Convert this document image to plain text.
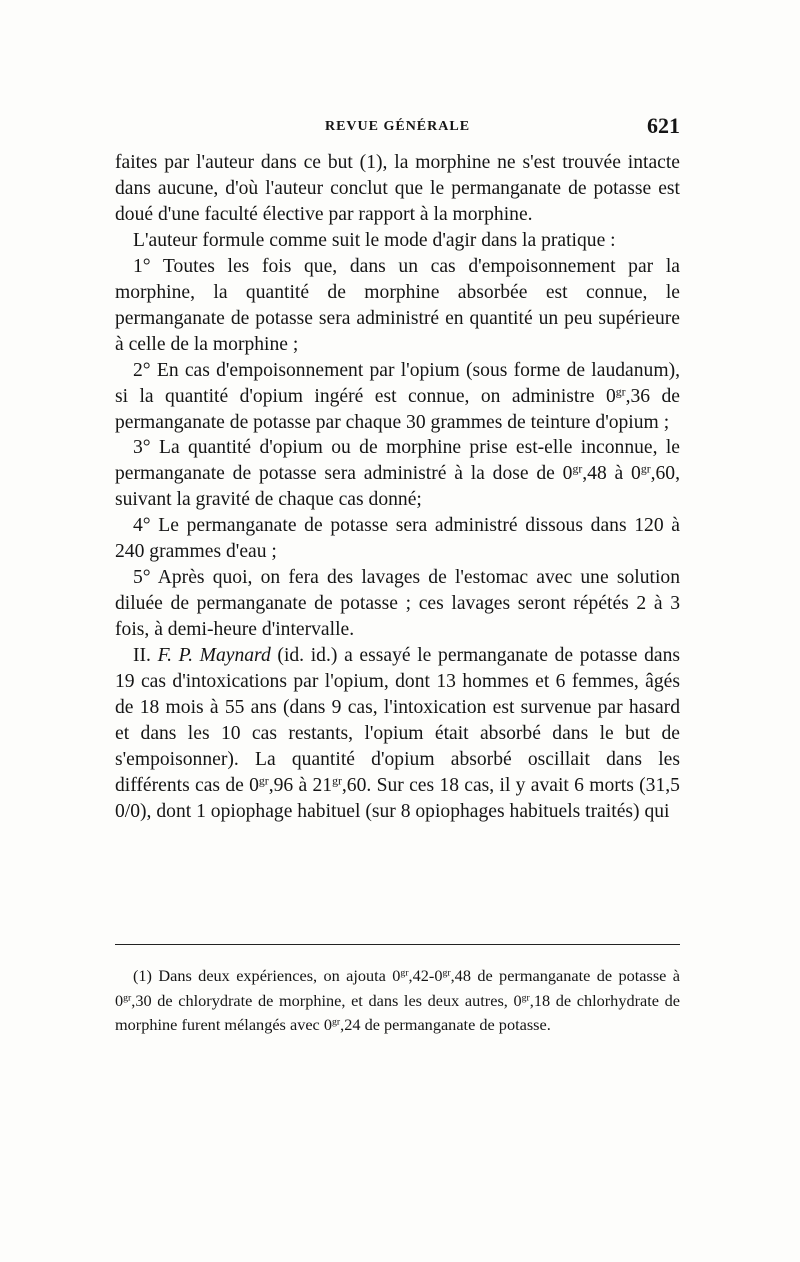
REVUE GÉNÉRALE	621

faites par l'auteur dans ce but (1), la morphine ne s'est trouvée intacte dans aucune, d'où l'auteur conclut que le permanganate de potasse est doué d'une faculté élective par rapport à la morphine.

L'auteur formule comme suit le mode d'agir dans la pratique :

1° Toutes les fois que, dans un cas d'empoisonnement par la morphine, la quantité de morphine absorbée est connue, le permanganate de potasse sera administré en quantité un peu supérieure à celle de la morphine ;

2° En cas d'empoisonnement par l'opium (sous forme de laudanum), si la quantité d'opium ingéré est connue, on administre $0^{gr},36$ de permanganate de potasse par chaque 30 grammes de teinture d'opium ;

3° La quantité d'opium ou de morphine prise est-elle inconnue, le permanganate de potasse sera administré à la dose de $0^{gr},48$ à $0^{gr},60$, suivant la gravité de chaque cas donné;

4° Le permanganate de potasse sera administré dissous dans 120 à 240 grammes d'eau ;

5° Après quoi, on fera des lavages de l'estomac avec une solution diluée de permanganate de potasse ; ces lavages seront répétés 2 à 3 fois, à demi-heure d'intervalle.

II. F. P. Maynard (id. id.) a essayé le permanganate de potasse dans 19 cas d'intoxications par l'opium, dont 13 hommes et 6 femmes, âgés de 18 mois à 55 ans (dans 9 cas, l'intoxication est survenue par hasard et dans les 10 cas restants, l'opium était absorbé dans le but de s'empoisonner). La quantité d'opium absorbé oscillait dans les différents cas de $0^{gr},96$ à $21^{gr},60$. Sur ces 18 cas, il y avait 6 morts (31,5 0/0), dont 1 opiophage habituel (sur 8 opiophages habituels traités) qui

(1) Dans deux expériences, on ajouta $0^{gr},42-0^{gr},48$ de permanganate de potasse à $0^{gr},30$ de chlorydrate de morphine, et dans les deux autres, $0^{gr},18$ de chlorhydrate de morphine furent mélangés avec $0^{gr},24$ de permanganate de potasse.
